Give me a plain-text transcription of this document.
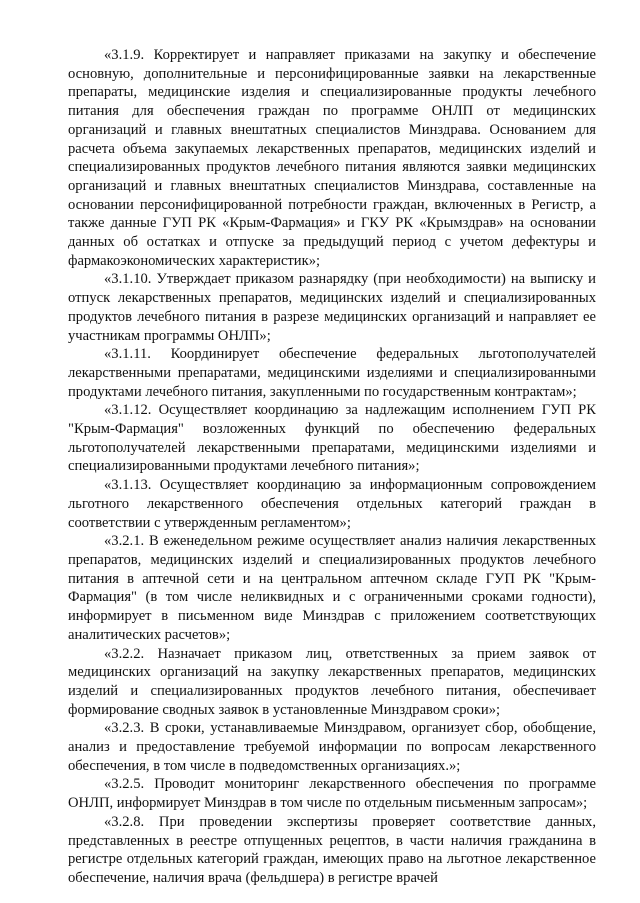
«3.1.9. Корректирует и направляет приказами на закупку и обеспечение основную, дополнительные и персонифицированные заявки на лекарственные препараты, медицинские изделия и специализированные продукты лечебного питания для обеспечения граждан по программе ОНЛП от медицинских организаций и главных внештатных специалистов Минздрава. Основанием для расчета объема закупаемых лекарственных препаратов, медицинских изделий и специализированных продуктов лечебного питания являются заявки медицинских организаций и главных внештатных специалистов Минздрава, составленные на основании персонифицированной потребности граждан, включенных в Регистр, а также данные ГУП РК «Крым-Фармация» и ГКУ РК «Крымздрав» на основании данных об остатках и отпуске за предыдущий период с учетом дефектуры и фармакоэкономических характеристик»;

«3.1.10. Утверждает приказом разнарядку (при необходимости) на выписку и отпуск лекарственных препаратов, медицинских изделий и специализированных продуктов лечебного питания в разрезе медицинских организаций и направляет ее участникам программы ОНЛП»;

«3.1.11. Координирует обеспечение федеральных льготополучателей лекарственными препаратами, медицинскими изделиями и специализированными продуктами лечебного питания, закупленными по государственным контрактам»;

«3.1.12. Осуществляет координацию за надлежащим исполнением ГУП РК "Крым-Фармация" возложенных функций по обеспечению федеральных льготополучателей лекарственными препаратами, медицинскими изделиями и специализированными продуктами лечебного питания»;

«3.1.13. Осуществляет координацию за информационным сопровождением льготного лекарственного обеспечения отдельных категорий граждан в соответствии с утвержденным регламентом»;

«3.2.1. В еженедельном режиме осуществляет анализ наличия лекарственных препаратов, медицинских изделий и специализированных продуктов лечебного питания в аптечной сети и на центральном аптечном складе ГУП РК "Крым-Фармация" (в том числе неликвидных и с ограниченными сроками годности), информирует в письменном виде Минздрав с приложением соответствующих аналитических расчетов»;

«3.2.2. Назначает приказом лиц, ответственных за прием заявок от медицинских организаций на закупку лекарственных препаратов, медицинских изделий и специализированных продуктов лечебного питания, обеспечивает формирование сводных заявок в установленные Минздравом сроки»;

«3.2.3. В сроки, устанавливаемые Минздравом, организует сбор, обобщение, анализ и предоставление требуемой информации по вопросам лекарственного обеспечения, в том числе в подведомственных организациях.»;

«3.2.5. Проводит мониторинг лекарственного обеспечения по программе ОНЛП, информирует Минздрав в том числе по отдельным письменным запросам»;

«3.2.8. При проведении экспертизы проверяет соответствие данных, представленных в реестре отпущенных рецептов, в части наличия гражданина в регистре отдельных категорий граждан, имеющих право на льготное лекарственное обеспечение, наличия врача (фельдшера) в регистре врачей
